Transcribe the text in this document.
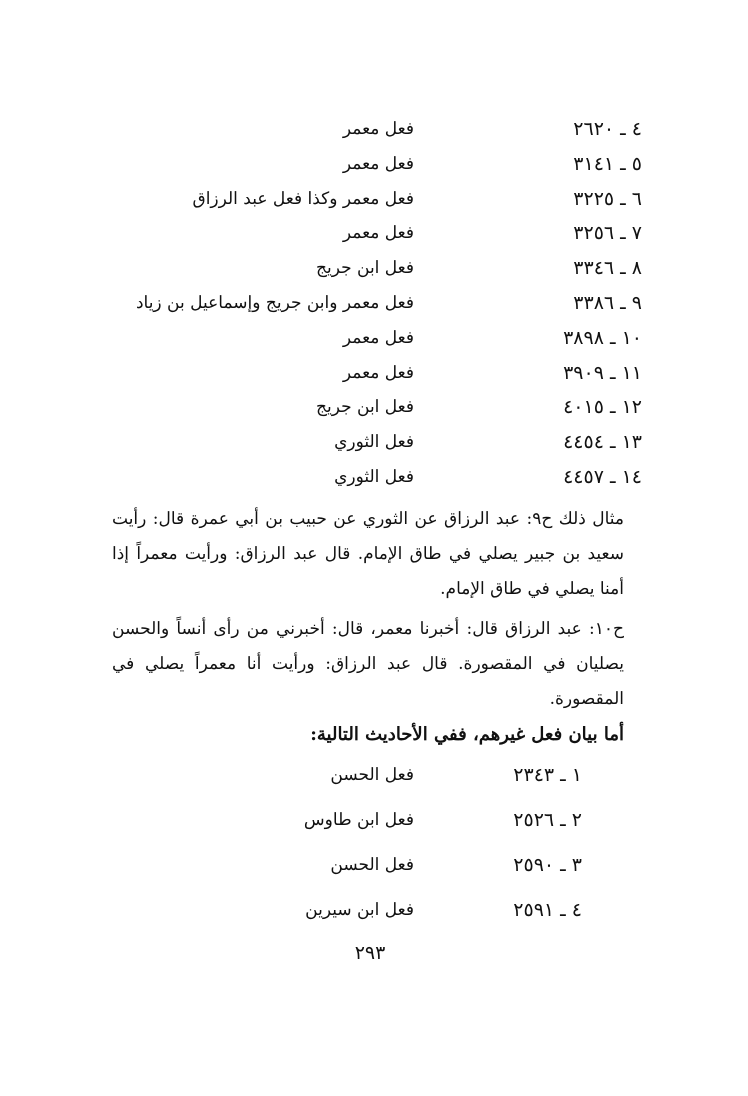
٤ ـ ٢٦٢٠
فعل معمر
٥ ـ ٣١٤١
فعل معمر
٦ ـ ٣٢٢٥
فعل معمر وكذا فعل عبد الرزاق
٧ ـ ٣٢٥٦
فعل معمر
٨ ـ ٣٣٤٦
فعل ابن جريج
٩ ـ ٣٣٨٦
فعل معمر وابن جريج وإسماعيل بن زياد
١٠ ـ ٣٨٩٨
فعل معمر
١١ ـ ٣٩٠٩
فعل معمر
١٢ ـ ٤٠١٥
فعل ابن جريج
١٣ ـ ٤٤٥٤
فعل الثوري
١٤ ـ ٤٤٥٧
فعل الثوري
مثال ذلك ح٩: عبد الرزاق عن الثوري عن حبيب بن أبي عمرة قال: رأيت سعيد بن جبير يصلي في طاق الإمام. قال عبد الرزاق: ورأيت معمراً إذا أمنا يصلي في طاق الإمام.
ح١٠: عبد الرزاق قال: أخبرنا معمر، قال: أخبرني من رأى أنساً والحسن يصليان في المقصورة. قال عبد الرزاق: ورأيت أنا معمراً يصلي في المقصورة.
أما بيان فعل غيرهم، ففي الأحاديث التالية:
١ ـ ٢٣٤٣
فعل الحسن
٢ ـ ٢٥٢٦
فعل ابن طاوس
٣ ـ ٢٥٩٠
فعل الحسن
٤ ـ ٢٥٩١
فعل ابن سيرين
٢٩٣
